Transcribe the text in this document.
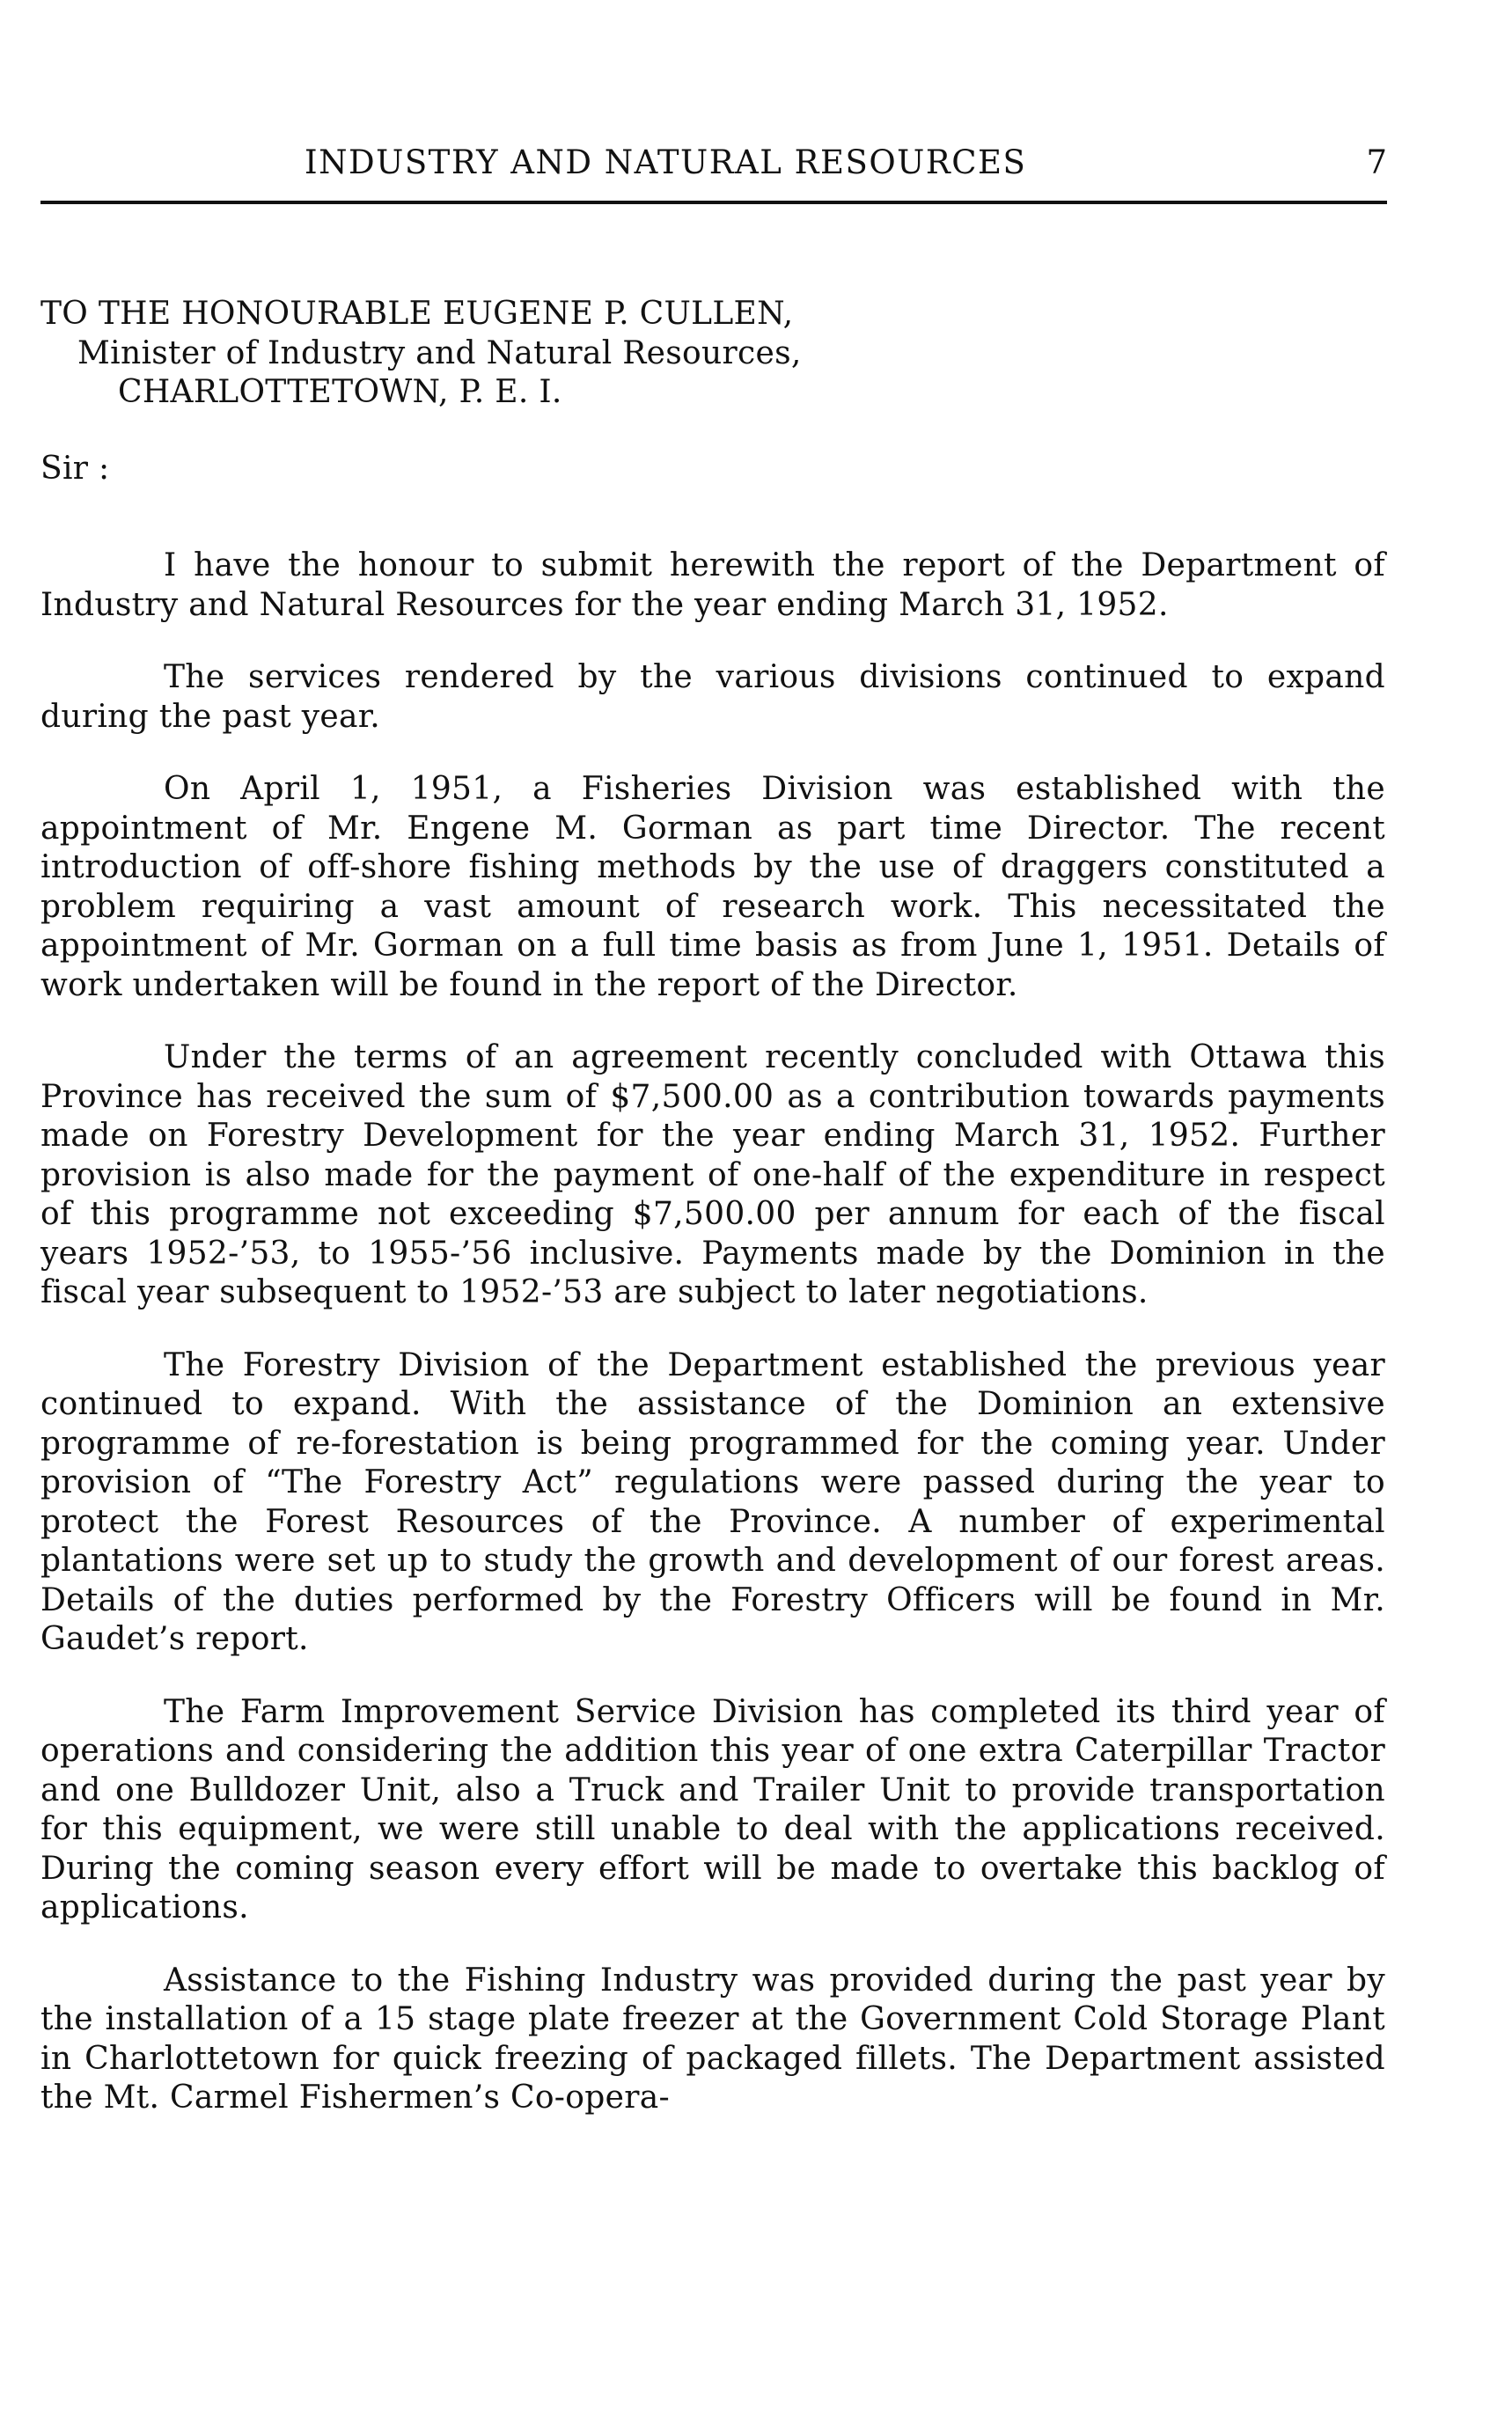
INDUSTRY AND NATURAL RESOURCES	7
TO THE HONOURABLE EUGENE P. CULLEN,
Minister of Industry and Natural Resources,
CHARLOTTETOWN, P. E. I.

Sir :

I have the honour to submit herewith the report of the Department of Industry and Natural Resources for the year ending March 31, 1952.

The services rendered by the various divisions continued to expand during the past year.

On April 1, 1951, a Fisheries Division was established with the appointment of Mr. Engene M. Gorman as part time Director. The recent introduction of off-shore fishing methods by the use of draggers constituted a problem requiring a vast amount of research work. This necessitated the appointment of Mr. Gorman on a full time basis as from June 1, 1951. Details of work undertaken will be found in the report of the Director.

Under the terms of an agreement recently concluded with Ottawa this Province has received the sum of $7,500.00 as a contribution towards payments made on Forestry Development for the year ending March 31, 1952. Further provision is also made for the payment of one-half of the expenditure in respect of this programme not exceeding $7,500.00 per annum for each of the fiscal years 1952-’53, to 1955-’56 inclusive. Payments made by the Dominion in the fiscal year subsequent to 1952-’53 are subject to later negotiations.

The Forestry Division of the Department established the previous year continued to expand. With the assistance of the Dominion an extensive programme of re-forestation is being programmed for the coming year. Under provision of “The Forestry Act” regulations were passed during the year to protect the Forest Resources of the Province. A number of experimental plantations were set up to study the growth and development of our forest areas. Details of the duties performed by the Forestry Officers will be found in Mr. Gaudet’s report.

The Farm Improvement Service Division has completed its third year of operations and considering the addition this year of one extra Caterpillar Tractor and one Bulldozer Unit, also a Truck and Trailer Unit to provide transportation for this equipment, we were still unable to deal with the applications received. During the coming season every effort will be made to overtake this backlog of applications.

Assistance to the Fishing Industry was provided during the past year by the installation of a 15 stage plate freezer at the Government Cold Storage Plant in Charlottetown for quick freezing of packaged fillets. The Department assisted the Mt. Carmel Fishermen’s Co-opera-
